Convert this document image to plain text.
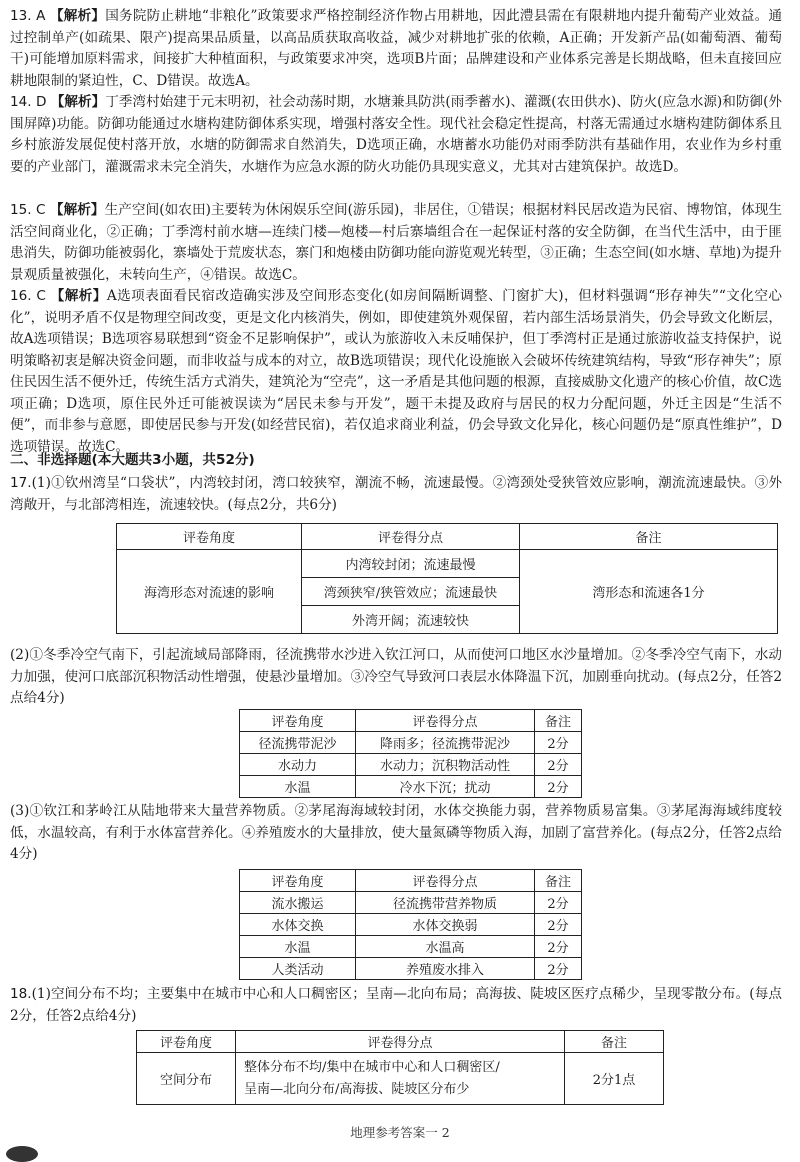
13. A 【解析】国务院防止耕地“非粮化”政策要求严格控制经济作物占用耕地，因此澧县需在有限耕地内提升葡萄产业效益。通过控制单产(如疏果、限产)提高果品质量，以高品质获取高收益，减少对耕地扩张的依赖，A正确；开发新产品(如葡萄酒、葡萄干)可能增加原料需求，间接扩大种植面积，与政策要求冲突，选项B片面；品牌建设和产业体系完善是长期战略，但未直接回应耕地限制的紧迫性，C、D错误。故选A。

14. D 【解析】丁季湾村始建于元末明初，社会动荡时期，水塘兼具防洪(雨季蓄水)、灌溉(农田供水)、防火(应急水源)和防御(外围屏障)功能。防御功能通过水塘构建防御体系实现，增强村落安全性。现代社会稳定性提高，村落无需通过水塘构建防御体系且乡村旅游发展促使村落开放，水塘的防御需求自然消失，D选项正确，水塘蓄水功能仍对雨季防洪有基础作用，农业作为乡村重要的产业部门，灌溉需求未完全消失，水塘作为应急水源的防火功能仍具现实意义，尤其对古建筑保护。故选D。

15. C 【解析】生产空间(如农田)主要转为休闲娱乐空间(游乐园)，非居住，①错误；根据材料民居改造为民宿、博物馆，体现生活空间商业化，②正确；丁季湾村前水塘—连续门楼—炮楼—村后寨墙组合在一起保证村落的安全防御，在当代生活中，由于匪患消失，防御功能被弱化，寨墙处于荒废状态，寨门和炮楼由防御功能向游览观光转型，③正确；生态空间(如水塘、草地)为提升景观质量被强化，未转向生产，④错误。故选C。

16. C 【解析】A选项表面看民宿改造确实涉及空间形态变化(如房间隔断调整、门窗扩大)，但材料强调“形存神失”“文化空心化”，说明矛盾不仅是物理空间改变，更是文化内核消失，例如，即使建筑外观保留，若内部生活场景消失，仍会导致文化断层，故A选项错误；B选项容易联想到“资金不足影响保护”，或认为旅游收入未反哺保护，但丁季湾村正是通过旅游收益支持保护，说明策略初衷是解决资金问题，而非收益与成本的对立，故B选项错误；现代化设施嵌入会破坏传统建筑结构，导致“形存神失”；原住民因生活不便外迁，传统生活方式消失，建筑沦为“空壳”，这一矛盾是其他问题的根源，直接威胁文化遗产的核心价值，故C选项正确；D选项，原住民外迁可能被误读为“居民未参与开发”，题干未提及政府与居民的权力分配问题，外迁主因是“生活不便”，而非参与意愿，即使居民参与开发(如经营民宿)，若仅追求商业利益，仍会导致文化异化，核心问题仍是“原真性维护”，D选项错误。故选C。

二、非选择题(本大题共3小题，共52分)

17.(1)①钦州湾呈“口袋状”，内湾较封闭，湾口较狭窄，潮流不畅，流速最慢。②湾颈处受狭管效应影响，潮流流速最快。③外湾敞开，与北部湾相连，流速较快。(每点2分，共6分)

评卷角度	评卷得分点	备注
海湾形态对流速的影响	内湾较封闭；流速最慢	湾形态和流速各1分
	湾颈狭窄/狭管效应；流速最快	
	外湾开阔；流速较快	

(2)①冬季冷空气南下，引起流域局部降雨，径流携带水沙进入钦江河口，从而使河口地区水沙量增加。②冬季冷空气南下，水动力加强，使河口底部沉积物活动性增强，使悬沙量增加。③冷空气导致河口表层水体降温下沉，加剧垂向扰动。(每点2分，任答2点给4分)

评卷角度	评卷得分点	备注
径流携带泥沙	降雨多；径流携带泥沙	2分
水动力	水动力；沉积物活动性	2分
水温	冷水下沉；扰动	2分

(3)①钦江和茅岭江从陆地带来大量营养物质。②茅尾海海域较封闭，水体交换能力弱，营养物质易富集。③茅尾海海域纬度较低，水温较高，有利于水体富营养化。④养殖废水的大量排放，使大量氮磷等物质入海，加剧了富营养化。(每点2分，任答2点给4分)

评卷角度	评卷得分点	备注
流水搬运	径流携带营养物质	2分
水体交换	水体交换弱	2分
水温	水温高	2分
人类活动	养殖废水排入	2分

18.(1)空间分布不均；主要集中在城市中心和人口稠密区；呈南—北向布局；高海拔、陡坡区医疗点稀少，呈现零散分布。(每点2分，任答2点给4分)

评卷角度	评卷得分点	备注
空间分布	整体分布不均/集中在城市中心和人口稠密区/
呈南—北向分布/高海拔、陡坡区分布少	2分1点
地理参考答案一 2
